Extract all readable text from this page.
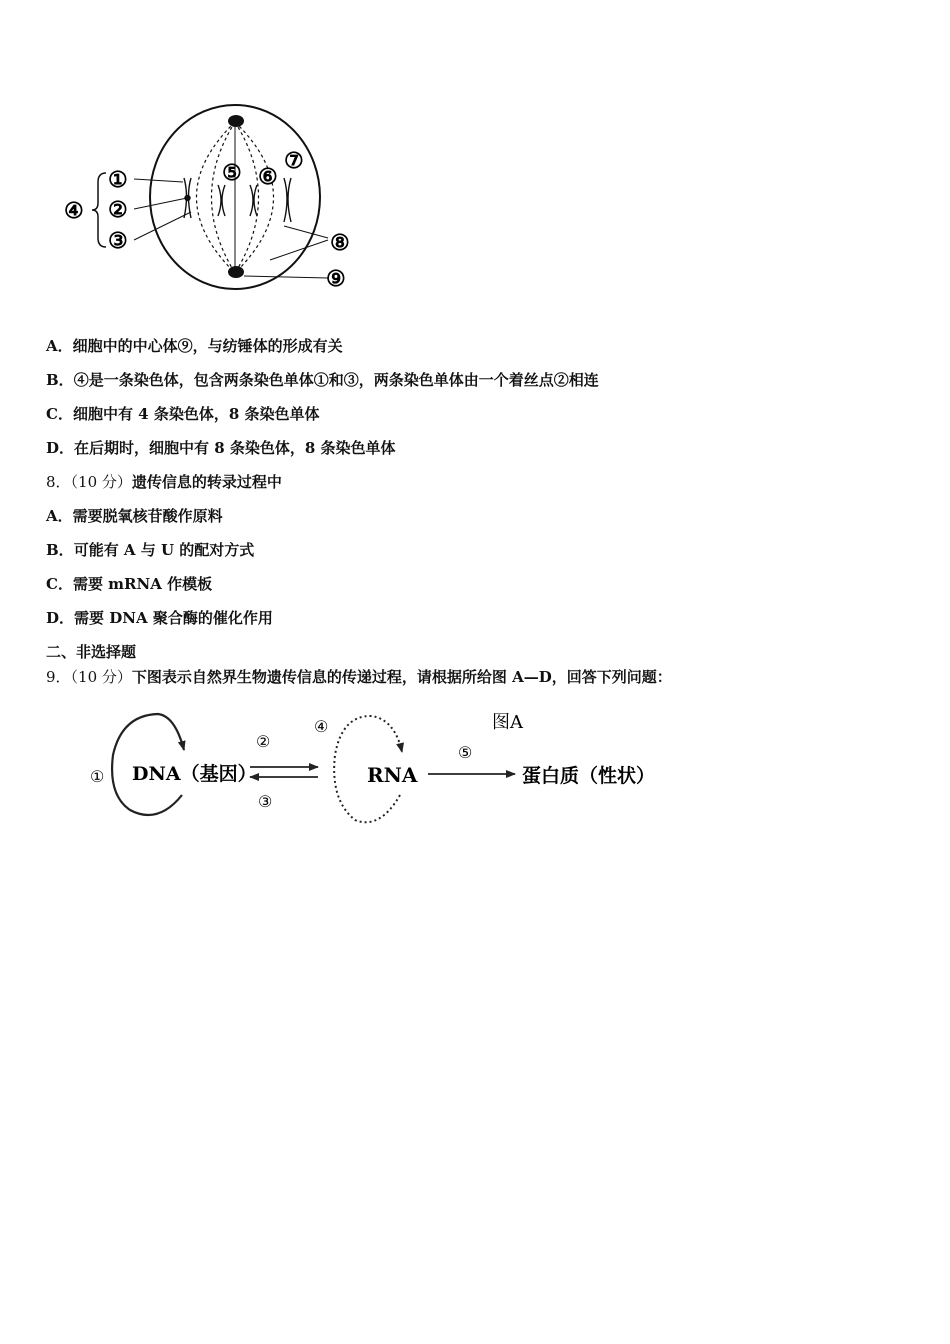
①
②
③
④
⑤ ⑥
⑦
⑧
⑨
A．细胞中的中心体⑨，与纺锤体的形成有关
B．④是一条染色体，包含两条染色单体①和③，两条染色单体由一个着丝点②相连
C．细胞中有 4 条染色体，8 条染色单体
D．在后期时，细胞中有 8 条染色体，8 条染色单体
8．（10 分）遗传信息的转录过程中
A．需要脱氧核苷酸作原料
B．可能有 A 与 U 的配对方式
C．需要 mRNA 作模板
D．需要 DNA 聚合酶的催化作用
二、非选择题
9．（10 分）下图表示自然界生物遗传信息的传递过程，请根据所给图 A—D，回答下列问题：
① DNA（基因）
②
③
④
RNA
⑤
图A
蛋白质（性状）
